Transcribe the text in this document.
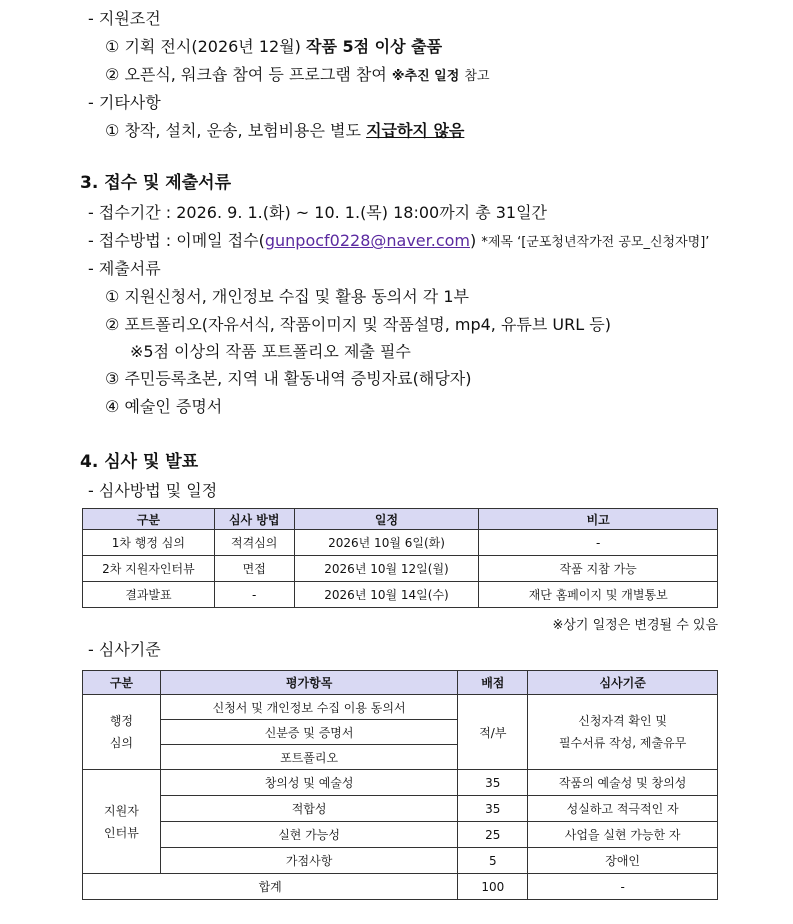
- 지원조건
① 기획 전시(2026년 12월) 작품 5점 이상 출품
② 오픈식, 워크숍 참여 등 프로그램 참여 ※추진 일정 참고
- 기타사항
① 창작, 설치, 운송, 보험비용은 별도 지급하지 않음
3. 접수 및 제출서류
- 접수기간 : 2026. 9. 1.(화) ~ 10. 1.(목) 18:00까지 총 31일간
- 접수방법 : 이메일 접수(gunpocf0228@naver.com) *제목 ‘[군포청년작가전 공모_신청자명]’
- 제출서류
① 지원신청서, 개인정보 수집 및 활용 동의서 각 1부
② 포트폴리오(자유서식, 작품이미지 및 작품설명, mp4, 유튜브 URL 등)
※5점 이상의 작품 포트폴리오 제출 필수
③ 주민등록초본, 지역 내 활동내역 증빙자료(해당자)
④ 예술인 증명서
4. 심사 및 발표
- 심사방법 및 일정
구분	심사 방법	일정	비고
1차 행정 심의	적격심의	2026년 10월 6일(화)	-
2차 지원자인터뷰	면접	2026년 10월 12일(월)	작품 지참 가능
결과발표	-	2026년 10월 14일(수)	재단 홈페이지 및 개별통보
※상기 일정은 변경될 수 있음
- 심사기준
구분	평가항목	배점	심사기준
행정
심의	신청서 및 개인정보 수집 이용 동의서	적/부	신청자격 확인 및
필수서류 작성, 제출유무
	신분증 및 증명서		
	포트폴리오		
지원자
인터뷰	창의성 및 예술성	35	작품의 예술성 및 창의성
	적합성	35	성실하고 적극적인 자
	실현 가능성	25	사업을 실현 가능한 자
	가점사항	5	장애인
합계		100	-
